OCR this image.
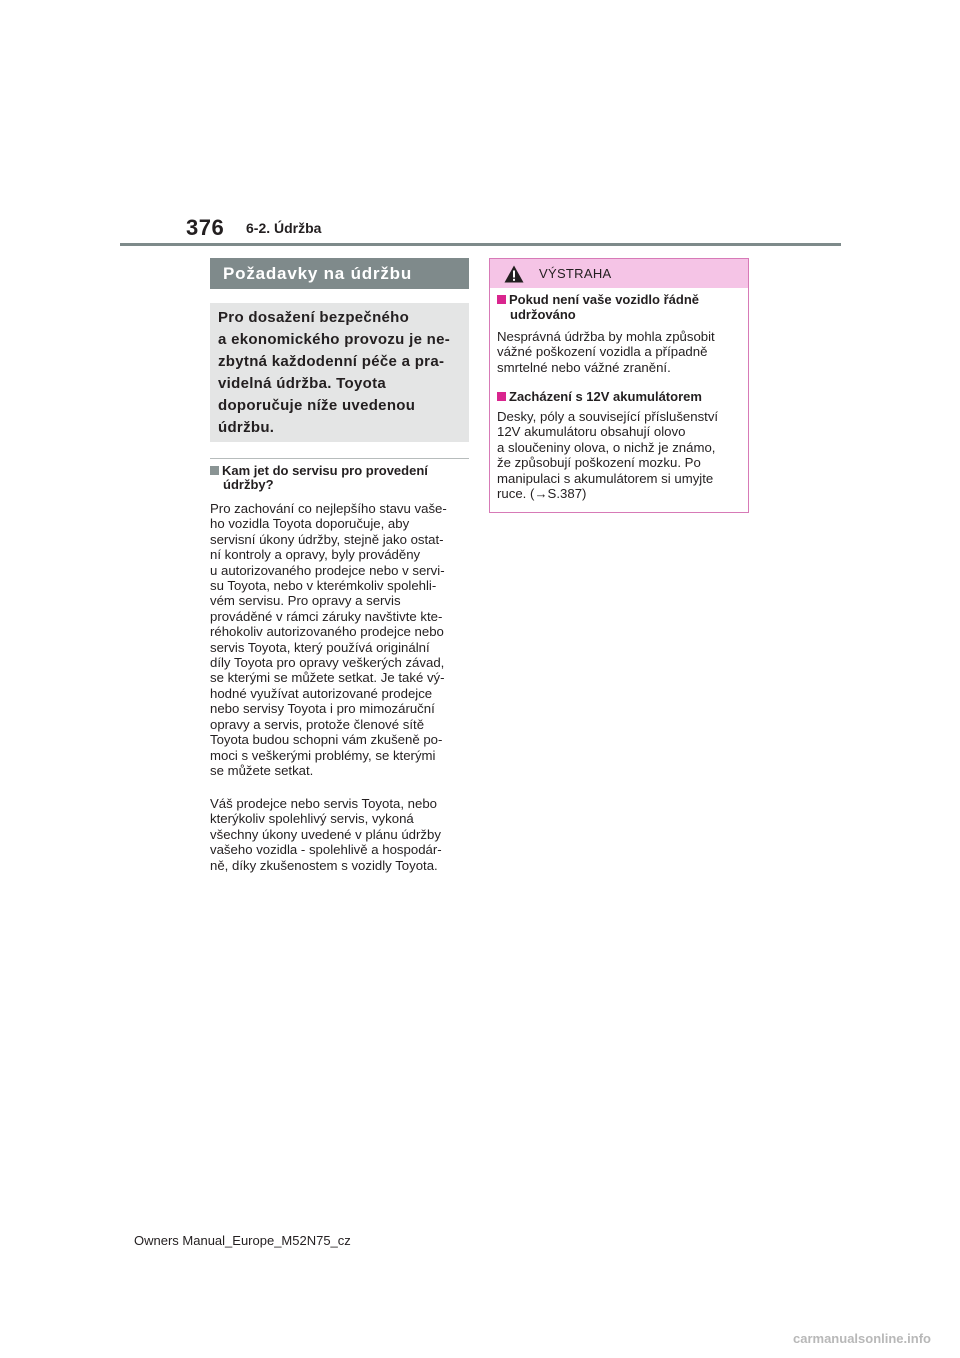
376 6-2. Údržba
Požadavky na údržbu
Pro dosažení bezpečného
a ekonomického provozu je ne-
zbytná každodenní péče a pra-
videlná údržba. Toyota
doporučuje níže uvedenou
údržbu.
Kam jet do servisu pro provedení
údržby?
Pro zachování co nejlepšího stavu vaše-
ho vozidla Toyota doporučuje, aby
servisní úkony údržby, stejně jako ostat-
ní kontroly a opravy, byly prováděny
u autorizovaného prodejce nebo v servi-
su Toyota, nebo v kterémkoliv spolehli-
vém servisu. Pro opravy a servis
prováděné v rámci záruky navštivte kte-
réhokoliv autorizovaného prodejce nebo
servis Toyota, který používá originální
díly Toyota pro opravy veškerých závad,
se kterými se můžete setkat. Je také vý-
hodné využívat autorizované prodejce
nebo servisy Toyota i pro mimozáruční
opravy a servis, protože členové sítě
Toyota budou schopni vám zkušeně po-
moci s veškerými problémy, se kterými
se můžete setkat.
Váš prodejce nebo servis Toyota, nebo
kterýkoliv spolehlivý servis, vykoná
všechny úkony uvedené v plánu údržby
vašeho vozidla - spolehlivě a hospodár-
ně, díky zkušenostem s vozidly Toyota.
VÝSTRAHA
Pokud není vaše vozidlo řádně
udržováno
Nesprávná údržba by mohla způsobit
vážné poškození vozidla a případně
smrtelné nebo vážné zranění.
Zacházení s 12V akumulátorem
Desky, póly a související příslušenství
12V akumulátoru obsahují olovo
a sloučeniny olova, o nichž je známo,
že způsobují poškození mozku. Po
manipulaci s akumulátorem si umyjte
ruce. (→S.387)
Owners Manual_Europe_M52N75_cz
carmanualsonline.info
